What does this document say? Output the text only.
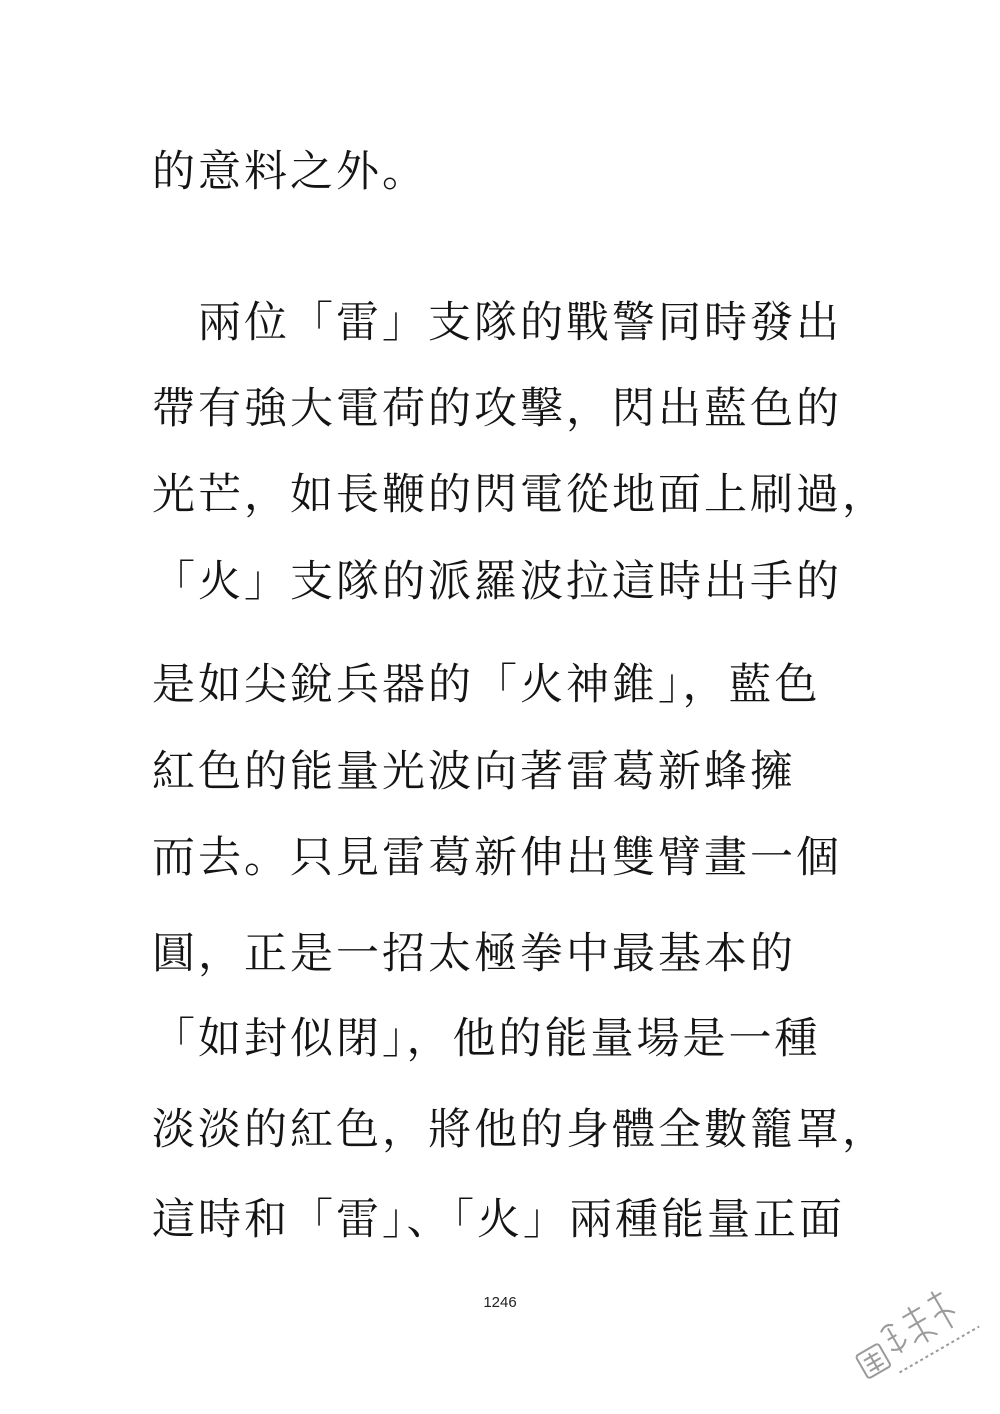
的意料之外。
兩位「雷」支隊的戰警同時發出
帶有強大電荷的攻擊，閃出藍色的
光芒，如長鞭的閃電從地面上刷過，
「火」支隊的派羅波拉這時出手的
是如尖銳兵器的「火神錐」，藍色
紅色的能量光波向著雷葛新蜂擁
而去。只見雷葛新伸出雙臂畫一個
圓，正是一招太極拳中最基本的
「如封似閉」，他的能量場是一種
淡淡的紅色，將他的身體全數籠罩，
這時和「雷」、「火」兩種能量正面
1246
